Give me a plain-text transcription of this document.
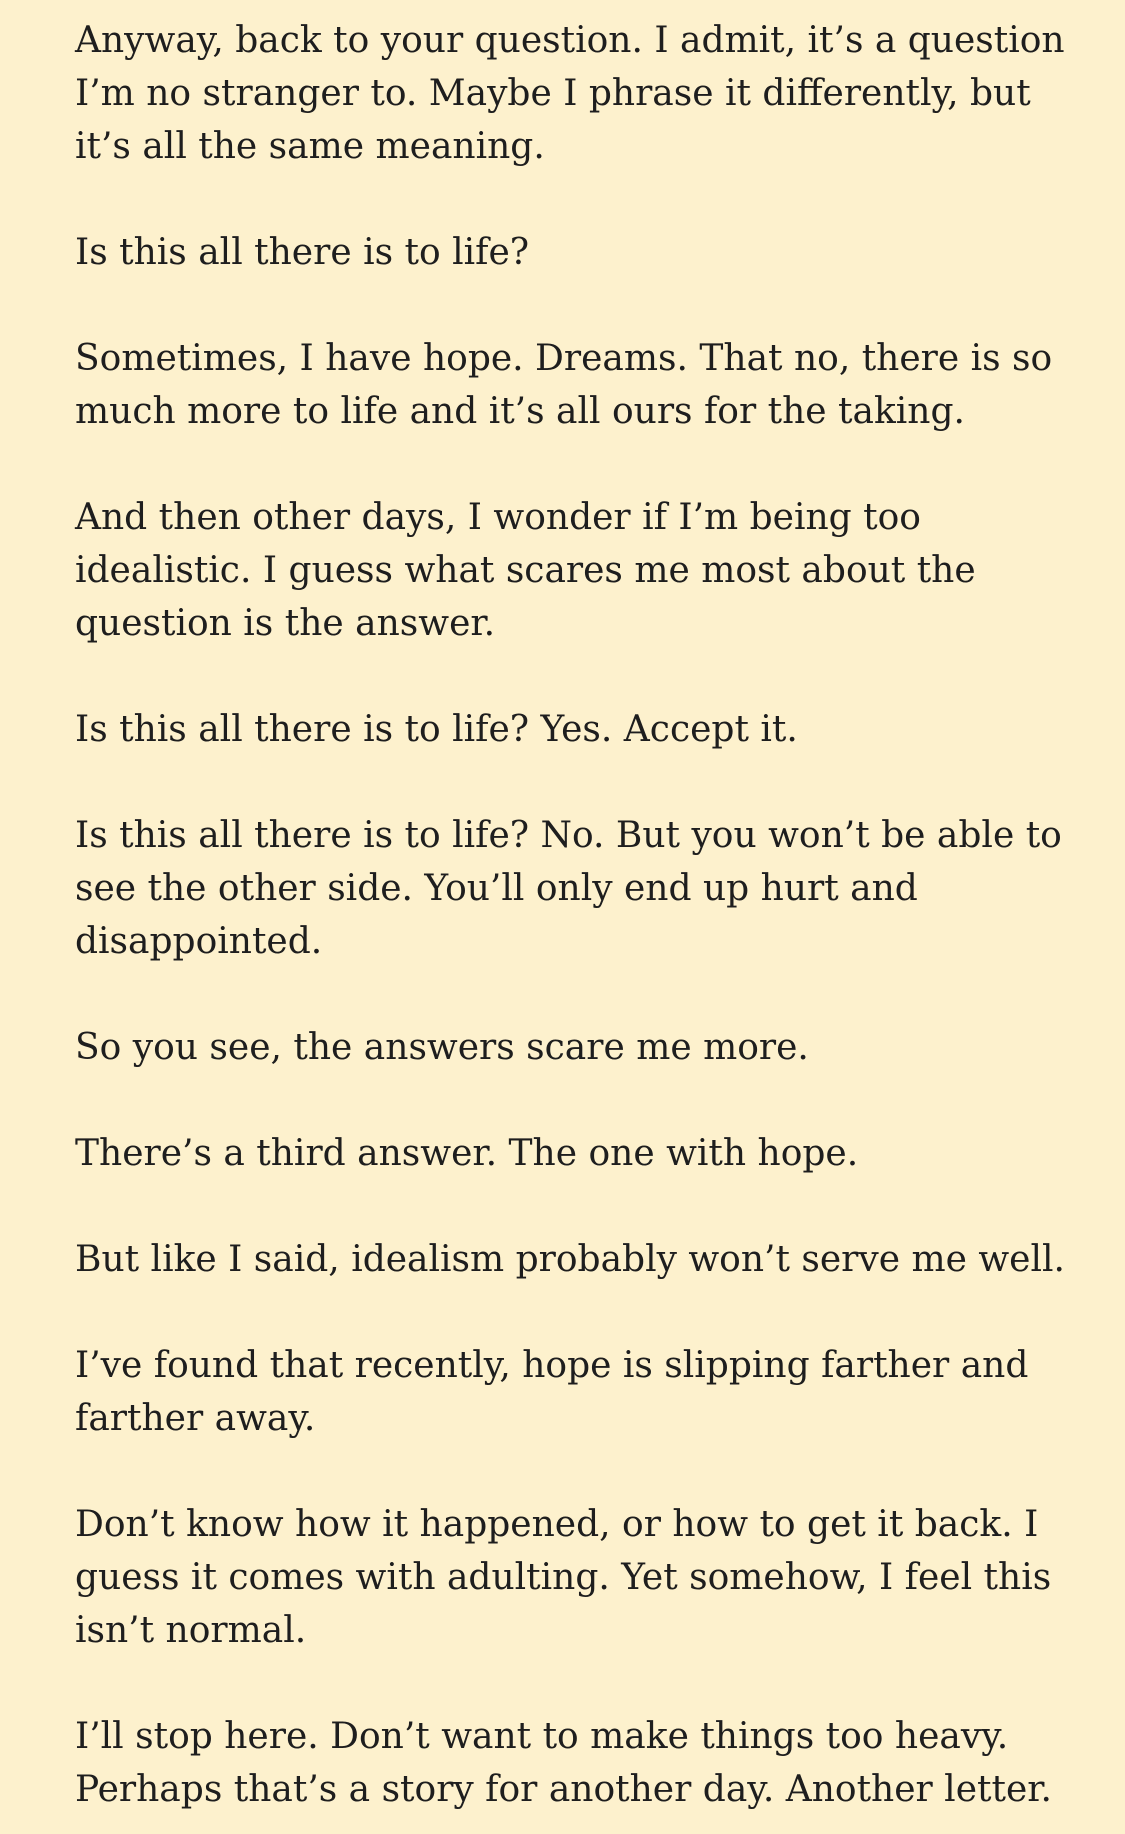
Anyway, back to your question. I admit, it’s a question
I’m no stranger to. Maybe I phrase it differently, but
it’s all the same meaning.

Is this all there is to life?

Sometimes, I have hope. Dreams. That no, there is so
much more to life and it’s all ours for the taking.

And then other days, I wonder if I’m being too
idealistic. I guess what scares me most about the
question is the answer.

Is this all there is to life? Yes. Accept it.

Is this all there is to life? No. But you won’t be able to
see the other side. You’ll only end up hurt and
disappointed.

So you see, the answers scare me more.

There’s a third answer. The one with hope.

But like I said, idealism probably won’t serve me well.

I’ve found that recently, hope is slipping farther and
farther away.

Don’t know how it happened, or how to get it back. I
guess it comes with adulting. Yet somehow, I feel this
isn’t normal.

I’ll stop here. Don’t want to make things too heavy.
Perhaps that’s a story for another day. Another letter.
